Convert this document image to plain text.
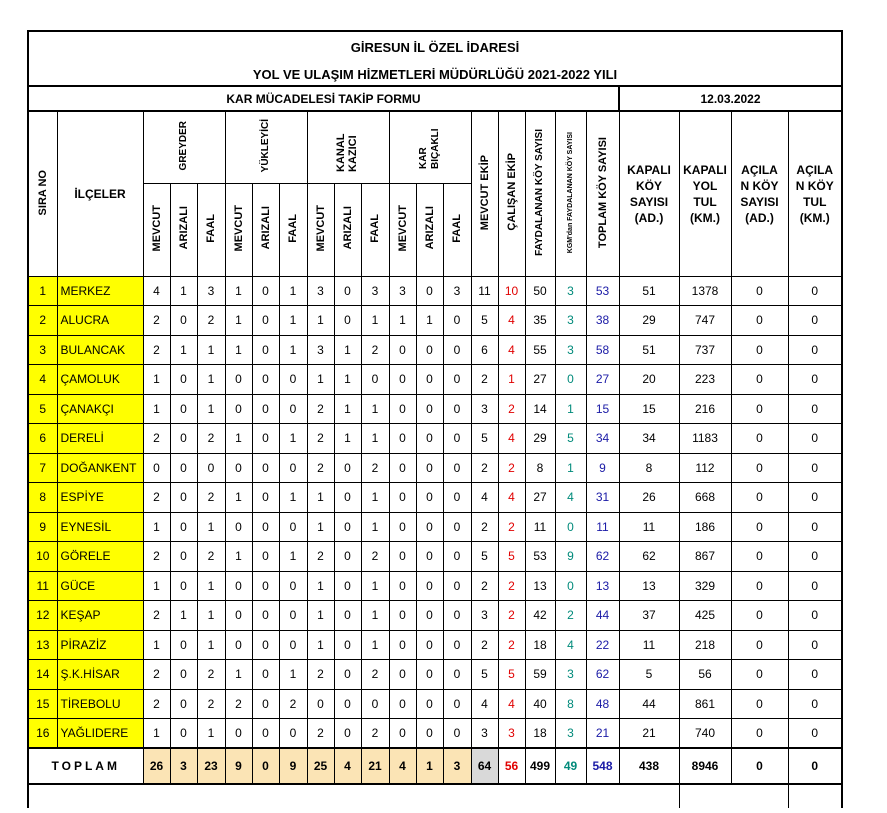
GİRESUN İL ÖZEL İDARESİ																						
YOL VE ULAŞIM HİZMETLERİ MÜDÜRLÜĞÜ 2021-2022 YILI																						
KAR MÜCADELESİ TAKİP FORMU																			12.03.2022			
SIRA NO	İLÇELER	GREYDER			YÜKLEYİCİ			KANAL KAZICI			KAR BIÇAKLI			MEVCUT EKİP	ÇALIŞAN EKİP	FAYDALANAN KÖY SAYISI	KGM'dan FAYDALANAN KÖY SAYISI	TOPLAM KÖY SAYISI	KAPALI KÖY SAYISI (AD.)	KAPALI YOL TUL (KM.)	AÇILA N KÖY SAYISI (AD.)	AÇILA N KÖY TUL (KM.)
		MEVCUT	ARIZALI	FAAL	MEVCUT	ARIZALI	FAAL	MEVCUT	ARIZALI	FAAL	MEVCUT	ARIZALI	FAAL									
1	MERKEZ	4	1	3	1	0	1	3	0	3	3	0	3	11	10	50	3	53	51	1378	0	0
2	ALUCRA	2	0	2	1	0	1	1	0	1	1	1	0	5	4	35	3	38	29	747	0	0
3	BULANCAK	2	1	1	1	0	1	3	1	2	0	0	0	6	4	55	3	58	51	737	0	0
4	ÇAMOLUK	1	0	1	0	0	0	1	1	0	0	0	0	2	1	27	0	27	20	223	0	0
5	ÇANAKÇI	1	0	1	0	0	0	2	1	1	0	0	0	3	2	14	1	15	15	216	0	0
6	DERELİ	2	0	2	1	0	1	2	1	1	0	0	0	5	4	29	5	34	34	1183	0	0
7	DOĞANKENT	0	0	0	0	0	0	2	0	2	0	0	0	2	2	8	1	9	8	112	0	0
8	ESPİYE	2	0	2	1	0	1	1	0	1	0	0	0	4	4	27	4	31	26	668	0	0
9	EYNESİL	1	0	1	0	0	0	1	0	1	0	0	0	2	2	11	0	11	11	186	0	0
10	GÖRELE	2	0	2	1	0	1	2	0	2	0	0	0	5	5	53	9	62	62	867	0	0
11	GÜCE	1	0	1	0	0	0	1	0	1	0	0	0	2	2	13	0	13	13	329	0	0
12	KEŞAP	2	1	1	0	0	0	1	0	1	0	0	0	3	2	42	2	44	37	425	0	0
13	PİRAZİZ	1	0	1	0	0	0	1	0	1	0	0	0	2	2	18	4	22	11	218	0	0
14	Ş.K.HİSAR	2	0	2	1	0	1	2	0	2	0	0	0	5	5	59	3	62	5	56	0	0
15	TİREBOLU	2	0	2	2	0	2	0	0	0	0	0	0	4	4	40	8	48	44	861	0	0
16	YAĞLIDERE	1	0	1	0	0	0	2	0	2	0	0	0	3	3	18	3	21	21	740	0	0
TOPLAM		26	3	23	9	0	9	25	4	21	4	1	3	64	56	499	49	548	438	8946	0	0
